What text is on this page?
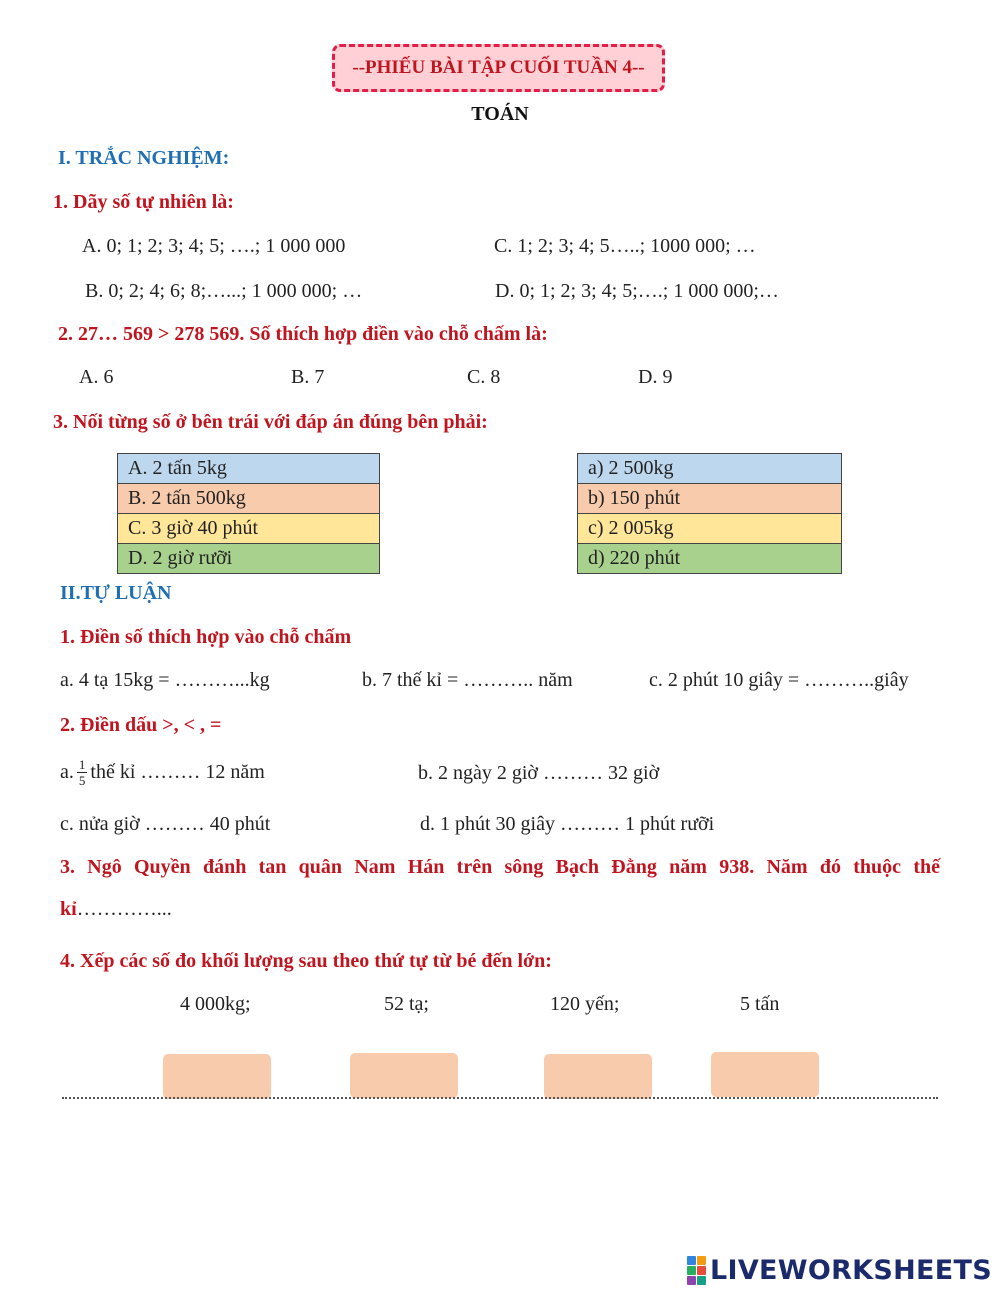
--PHIẾU BÀI TẬP CUỐI TUẦN 4--
TOÁN
I. TRẮC NGHIỆM:
1. Dãy số tự nhiên là:
A. 0; 1; 2; 3; 4; 5; ….; 1 000 000	C. 1; 2; 3; 4; 5…..; 1000 000; …
B. 0; 2; 4; 6; 8;…...; 1 000 000; …	D. 0; 1; 2; 3; 4; 5;….; 1 000 000;…
2. 27… 569 > 278 569. Số thích hợp điền vào chỗ chấm là:
A. 6	B. 7	C. 8	D. 9
3. Nối từng số ở bên trái với đáp án đúng bên phải:
A. 2 tấn 5kg
B. 2 tấn 500kg
C. 3 giờ 40 phút
D. 2 giờ rưỡi
a) 2 500kg
b) 150 phút
c) 2 005kg
d) 220 phút
II.TỰ LUẬN
1. Điền số thích hợp vào chỗ chấm
a. 4 tạ 15kg = ………...kg	b. 7 thế kỉ = ……….. năm	c. 2 phút 10 giây = ………..giây
2. Điền dấu >, < , =
a. $\frac{1}{5}$ thế kỉ ……… 12 năm	b. 2 ngày 2 giờ ……… 32 giờ
c. nửa giờ ……… 40 phút	d. 1 phút 30 giây ……… 1 phút rưỡi
3. Ngô Quyền đánh tan quân Nam Hán trên sông Bạch Đằng năm 938. Năm đó thuộc thế
kỉ…………...
4. Xếp các số đo khối lượng sau theo thứ tự từ bé đến lớn:
4 000kg;	52 tạ;	120 yến;	5 tấn
LIVEWORKSHEETS
